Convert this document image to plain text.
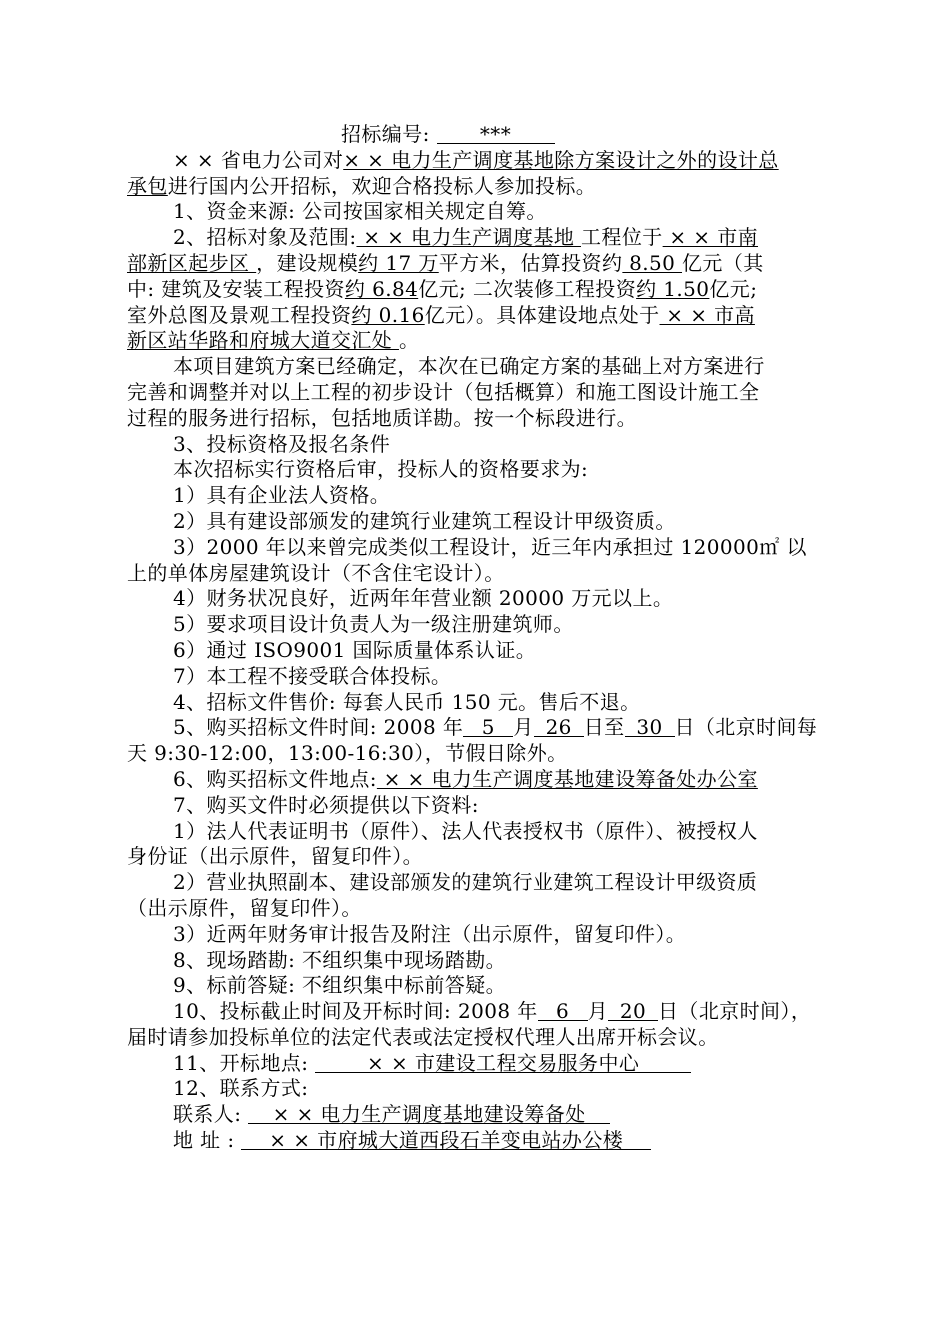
招标编号:	***
× × 省电力公司对× × 电力生产调度基地除方案设计之外的设计总
承包进行国内公开招标，欢迎合格投标人参加投标。
1、资金来源: 公司按国家相关规定自筹。
2、招标对象及范围: × × 电力生产调度基地 工程位于 × × 市南
部新区起步区 ，建设规模约 17 万平方米，估算投资约 8.50 亿元（其
中: 建筑及安装工程投资约 6.84亿元; 二次装修工程投资约 1.50亿元;
室外总图及景观工程投资约 0.16亿元）。具体建设地点处于 × × 市高
新区站华路和府城大道交汇处 。
本项目建筑方案已经确定，本次在已确定方案的基础上对方案进行
完善和调整并对以上工程的初步设计（包括概算）和施工图设计施工全
过程的服务进行招标，包括地质详勘。按一个标段进行。
3、投标资格及报名条件
本次招标实行资格后审，投标人的资格要求为:
1）具有企业法人资格。
2）具有建设部颁发的建筑行业建筑工程设计甲级资质。
3）2000 年以来曾完成类似工程设计，近三年内承担过 120000㎡ 以
上的单体房屋建筑设计（不含住宅设计）。
4）财务状况良好，近两年年营业额 20000 万元以上。
5）要求项目设计负责人为一级注册建筑师。
6）通过 ISO9001 国际质量体系认证。
7）本工程不接受联合体投标。
4、招标文件售价: 每套人民币 150 元。售后不退。
5、购买招标文件时间: 2008 年 5 月 26 日至 30 日（北京时间每
天 9:30-12:00，13:00-16:30），节假日除外。
6、购买招标文件地点: × × 电力生产调度基地建设筹备处办公室
7、购买文件时必须提供以下资料:
1）法人代表证明书（原件）、法人代表授权书（原件）、被授权人
身份证（出示原件，留复印件）。
2）营业执照副本、建设部颁发的建筑行业建筑工程设计甲级资质
（出示原件，留复印件）。
3）近两年财务审计报告及附注（出示原件，留复印件）。
8、现场踏勘: 不组织集中现场踏勘。
9、标前答疑: 不组织集中标前答疑。
10、投标截止时间及开标时间: 2008 年 6 月 20 日（北京时间），
届时请参加投标单位的法定代表或法定授权代理人出席开标会议。
11、开标地点:	× × 市建设工程交易服务中心
12、联系方式:
联系人: × × 电力生产调度基地建设筹备处
地 址 : × × 市府城大道西段石羊变电站办公楼
